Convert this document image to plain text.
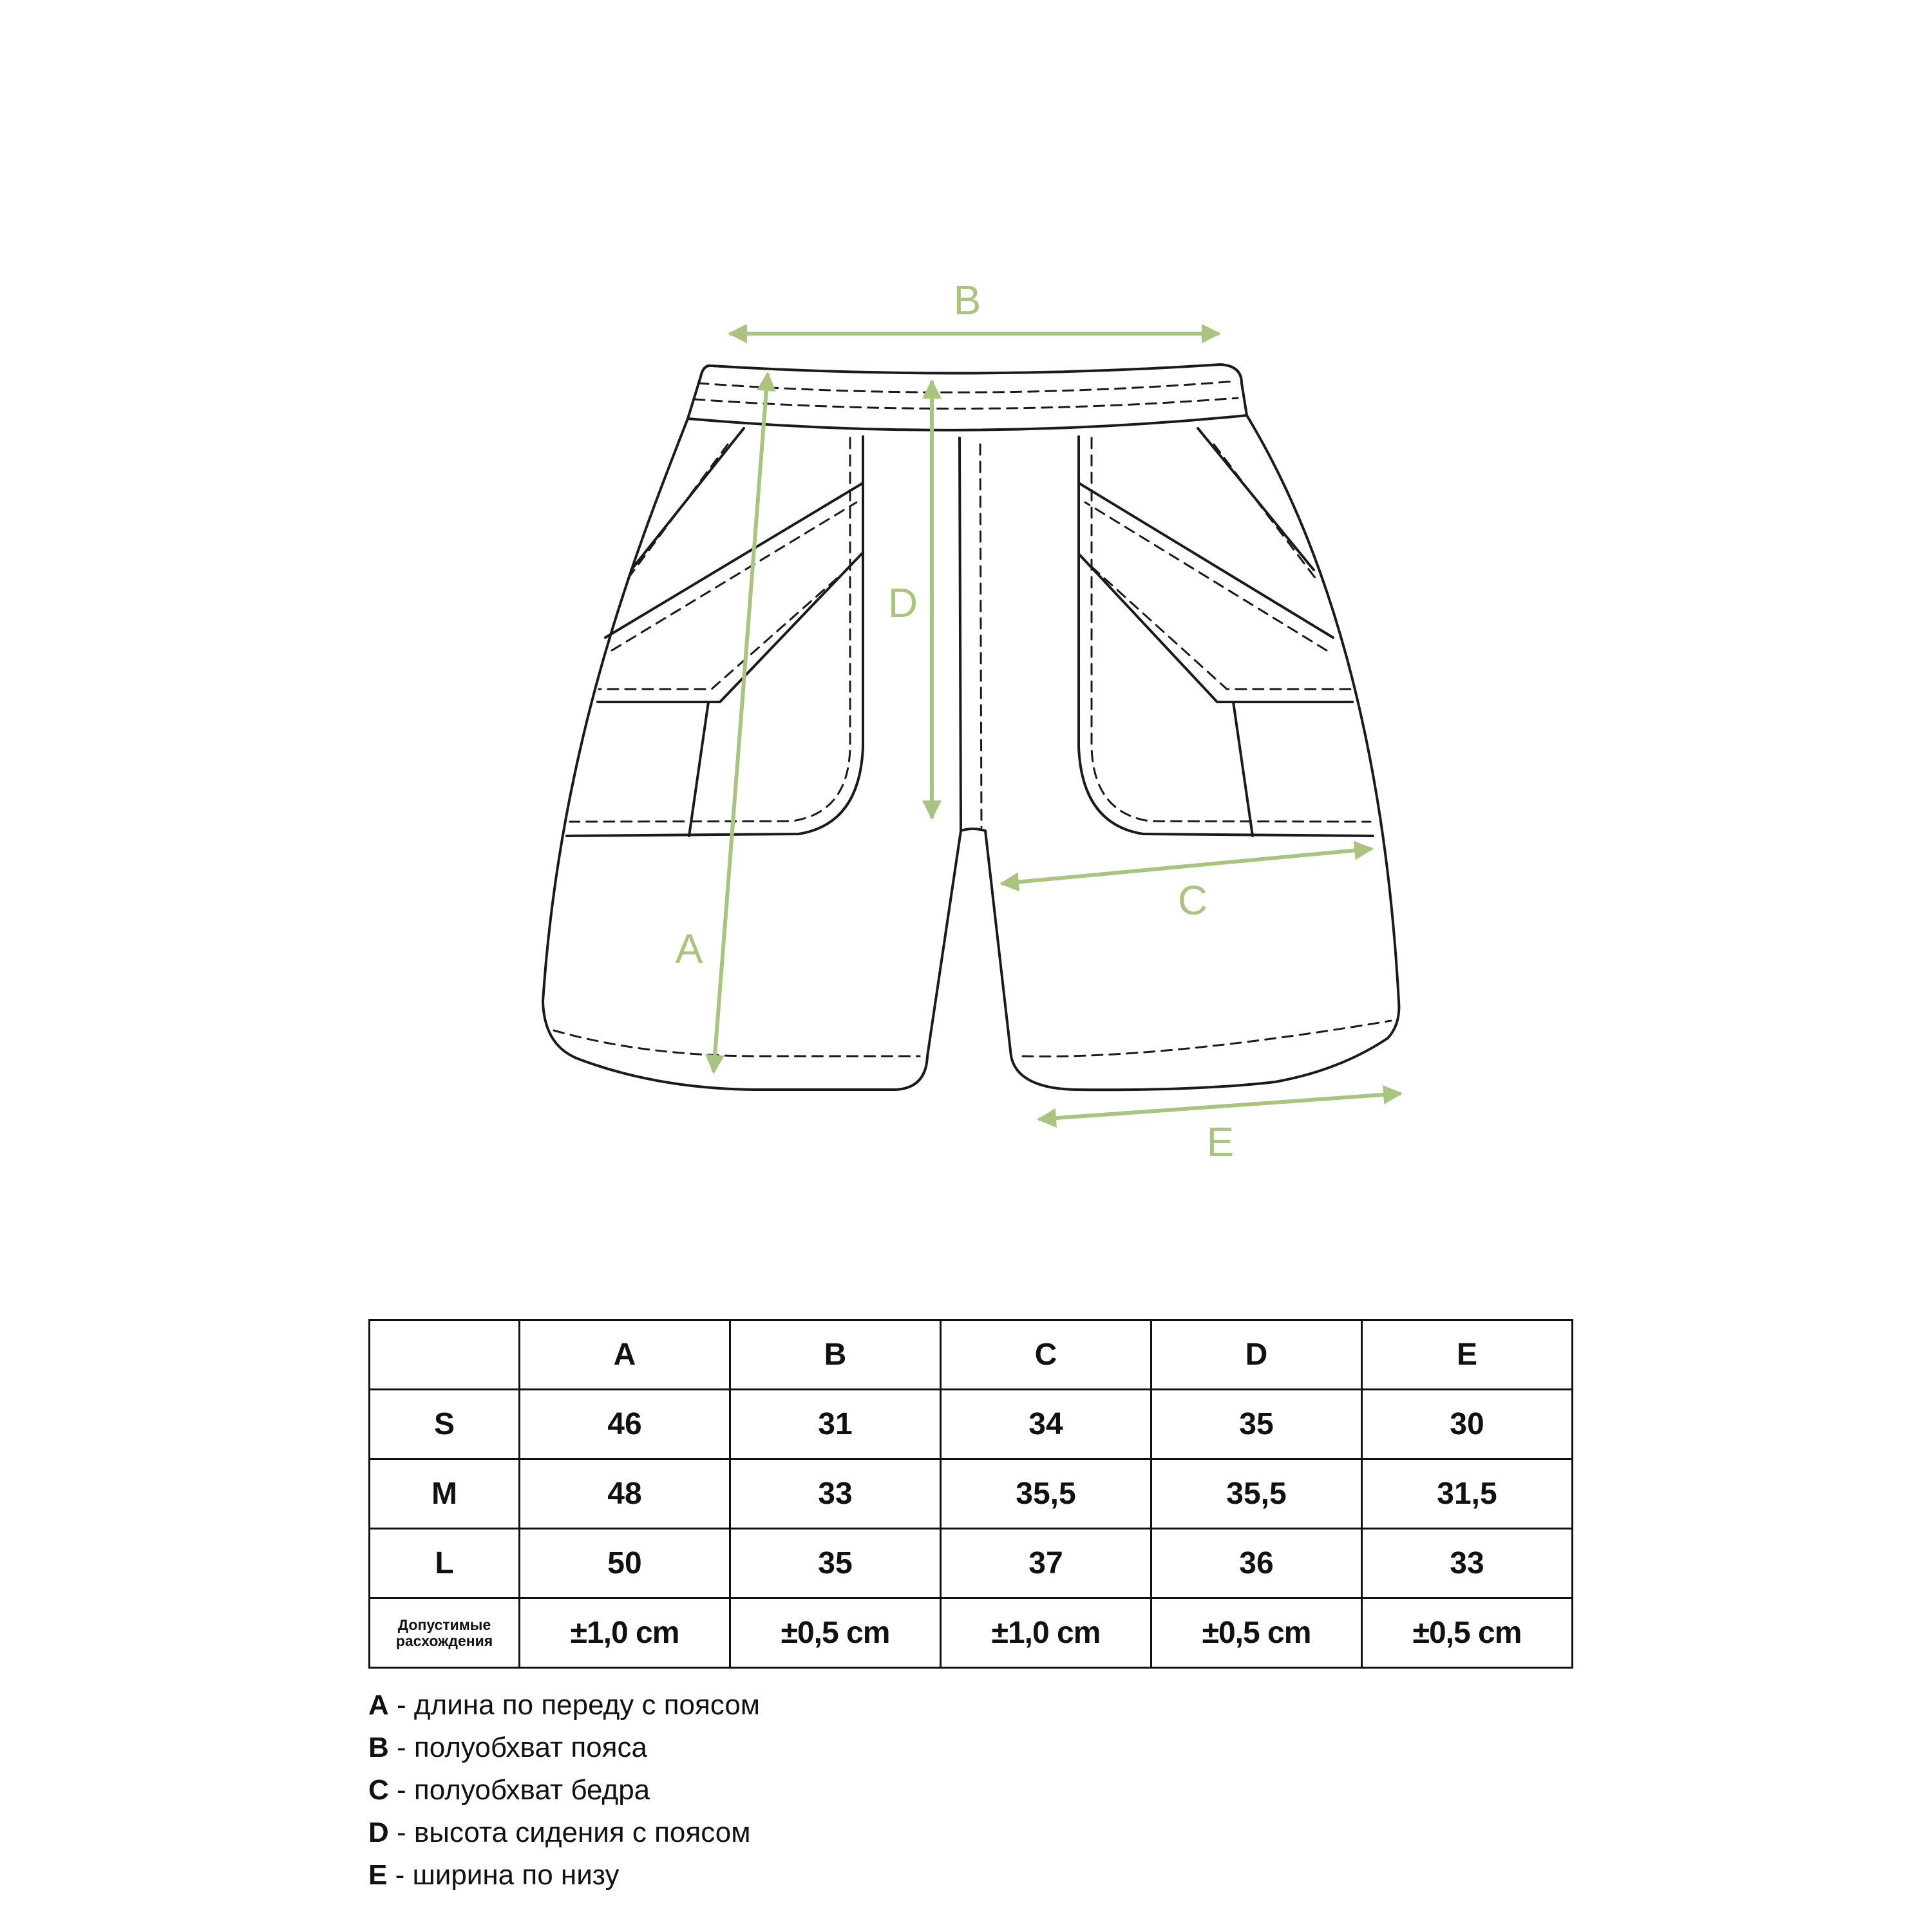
B
A
D
C
E
	A	B	C	D	E
S	46	31	34	35	30
M	48	33	35,5	35,5	31,5
L	50	35	37	36	33
Допустимые
расхождения	±1,0 cm	±0,5 cm	±1,0 cm	±0,5 cm	±0,5 cm
A - длина по переду с поясом
B - полуобхват пояса
C - полуобхват бедра
D - высота сидения с поясом
E - ширина по низу
